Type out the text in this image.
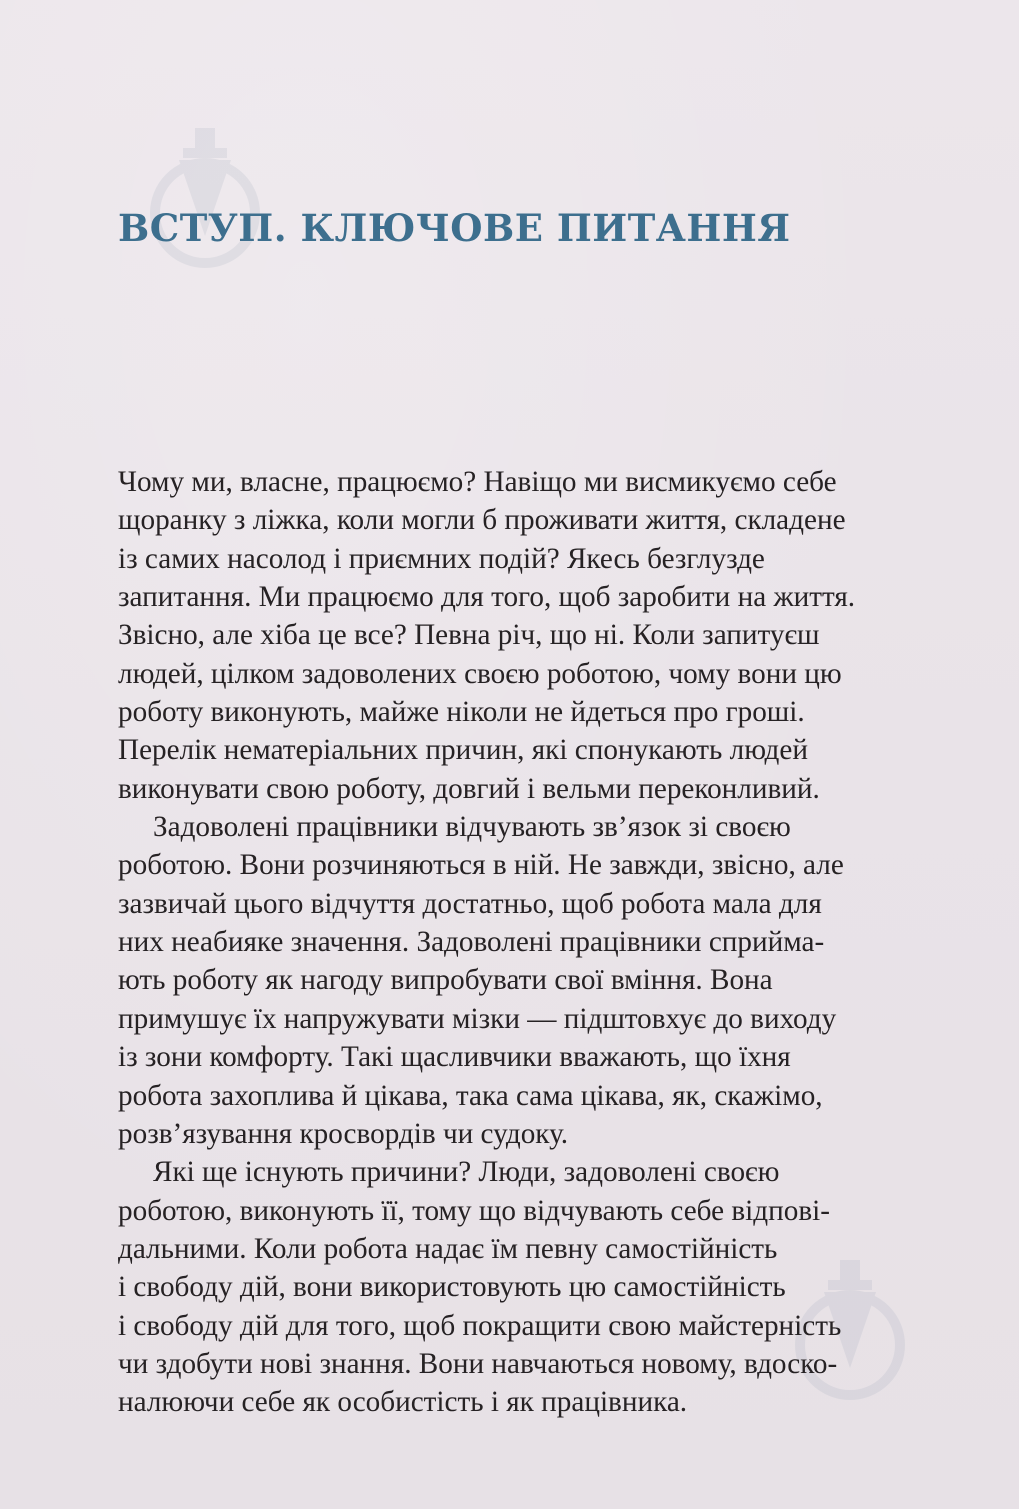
ВСТУП. КЛЮЧОВЕ ПИТАННЯ
Чому ми, власне, працюємо? Навіщо ми висмикуємо себе
щоранку з ліжка, коли могли б проживати життя, складене
із самих насолод і приємних подій? Якесь безглузде
запитання. Ми працюємо для того, щоб заробити на життя.
Звісно, але хіба це все? Певна річ, що ні. Коли запитуєш
людей, цілком задоволених своєю роботою, чому вони цю
роботу виконують, майже ніколи не йдеться про гроші.
Перелік нематеріальних причин, які спонукають людей
виконувати свою роботу, довгий і вельми переконливий.
Задоволені працівники відчувають зв’язок зі своєю
роботою. Вони розчиняються в ній. Не завжди, звісно, але
зазвичай цього відчуття достатньо, щоб робота мала для
них неабияке значення. Задоволені працівники сприйма-
ють роботу як нагоду випробувати свої вміння. Вона
примушує їх напружувати мізки — підштовхує до виходу
із зони комфорту. Такі щасливчики вважають, що їхня
робота захоплива й цікава, така сама цікава, як, скажімо,
розв’язування кросвордів чи судоку.
Які ще існують причини? Люди, задоволені своєю
роботою, виконують її, тому що відчувають себе відпові-
дальними. Коли робота надає їм певну самостійність
і свободу дій, вони використовують цю самостійність
і свободу дій для того, щоб покращити свою майстерність
чи здобути нові знання. Вони навчаються новому, вдоско-
налюючи себе як особистість і як працівника.
